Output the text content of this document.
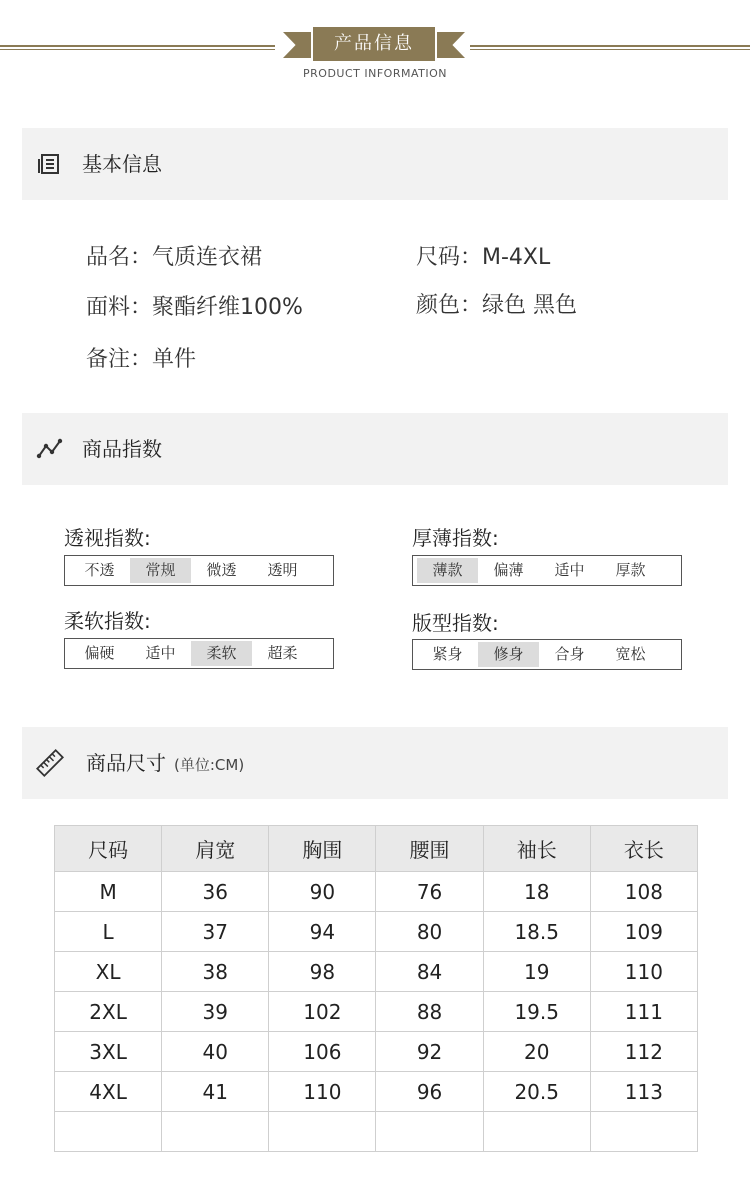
产品信息
PRODUCT INFORMATION
基本信息
品名：气质连衣裙	尺码：M-4XL
面料：聚酯纤维100%	颜色：绿色 黑色
备注：单件
商品指数
透视指数:
不透	常规	微透	透明
厚薄指数:
薄款	偏薄	适中	厚款
柔软指数:
偏硬	适中	柔软	超柔
版型指数:
紧身	修身	合身	宽松
商品尺寸 (单位:CM)
尺码	肩宽	胸围	腰围	袖长	衣长
M	36	90	76	18	108
L	37	94	80	18.5	109
XL	38	98	84	19	110
2XL	39	102	88	19.5	111
3XL	40	106	92	20	112
4XL	41	110	96	20.5	113
